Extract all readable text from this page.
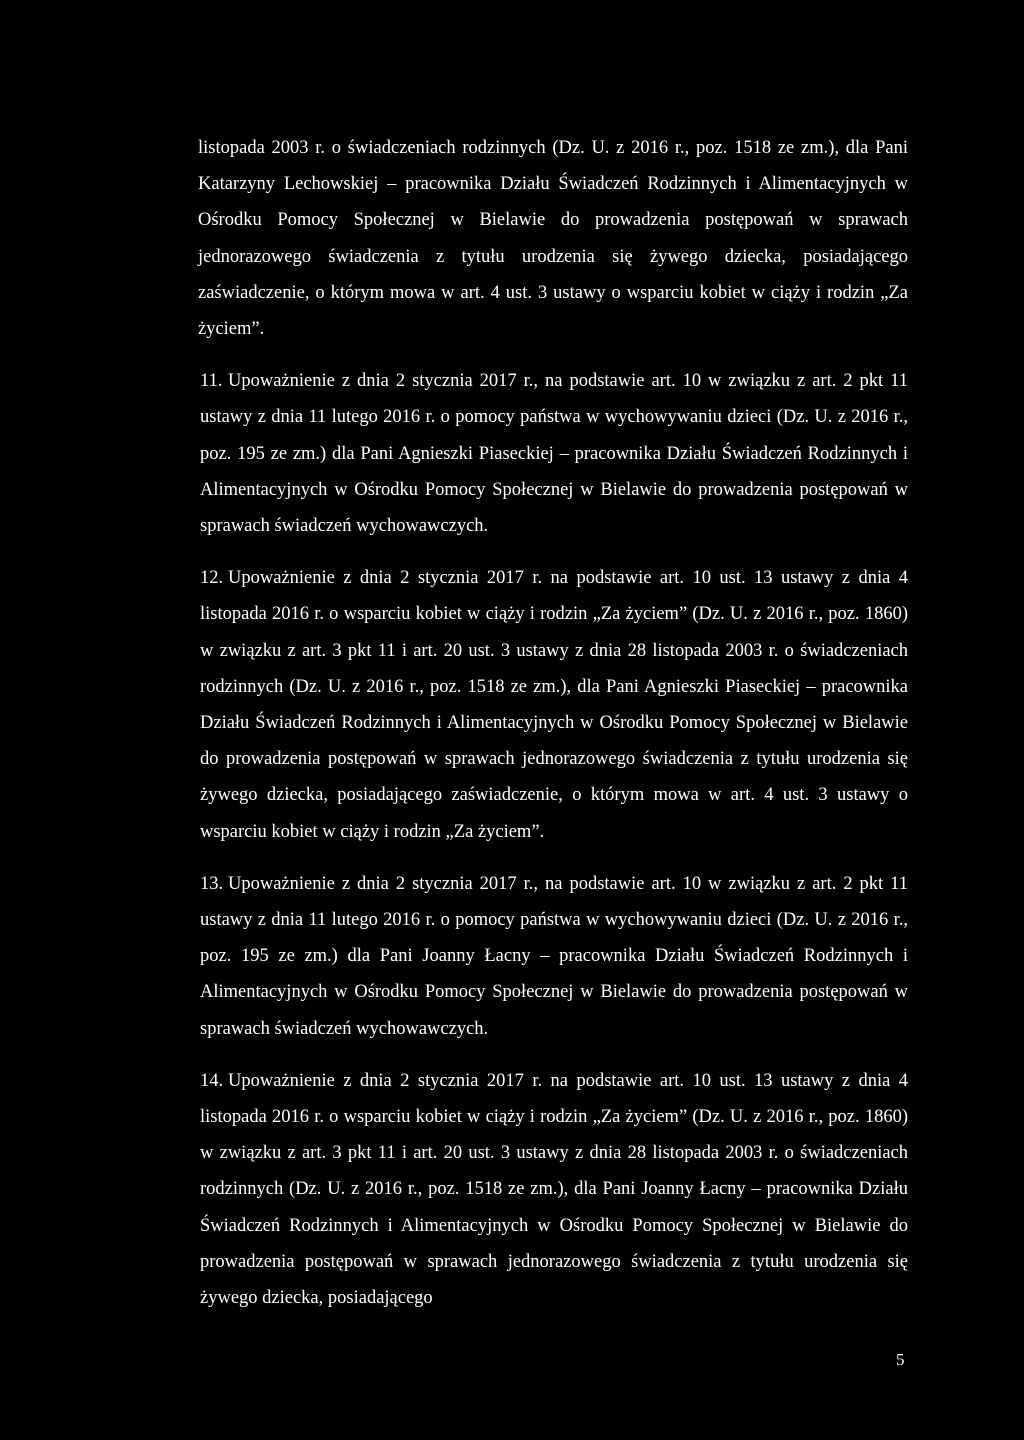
listopada 2003 r. o świadczeniach rodzinnych (Dz. U. z 2016 r., poz. 1518 ze zm.), dla Pani Katarzyny Lechowskiej – pracownika Działu Świadczeń Rodzinnych i Alimentacyjnych w Ośrodku Pomocy Społecznej w Bielawie do prowadzenia postępowań w sprawach jednorazowego świadczenia z tytułu urodzenia się żywego dziecka, posiadającego zaświadczenie, o którym mowa w art. 4 ust. 3 ustawy o wsparciu kobiet w ciąży i rodzin „Za życiem”.

11. Upoważnienie z dnia 2 stycznia 2017 r., na podstawie art. 10 w związku z art. 2 pkt 11 ustawy z dnia 11 lutego 2016 r. o pomocy państwa w wychowywaniu dzieci (Dz. U. z 2016 r., poz. 195 ze zm.) dla Pani Agnieszki Piaseckiej – pracownika Działu Świadczeń Rodzinnych i Alimentacyjnych w Ośrodku Pomocy Społecznej w Bielawie do prowadzenia postępowań w sprawach świadczeń wychowawczych.
12. Upoważnienie z dnia 2 stycznia 2017 r. na podstawie art. 10 ust. 13 ustawy z dnia 4 listopada 2016 r. o wsparciu kobiet w ciąży i rodzin „Za życiem” (Dz. U. z 2016 r., poz. 1860) w związku z art. 3 pkt 11 i art. 20 ust. 3 ustawy z dnia 28 listopada 2003 r. o świadczeniach rodzinnych (Dz. U. z 2016 r., poz. 1518 ze zm.), dla Pani Agnieszki Piaseckiej – pracownika Działu Świadczeń Rodzinnych i Alimentacyjnych w Ośrodku Pomocy Społecznej w Bielawie do prowadzenia postępowań w sprawach jednorazowego świadczenia z tytułu urodzenia się żywego dziecka, posiadającego zaświadczenie, o którym mowa w art. 4 ust. 3 ustawy o wsparciu kobiet w ciąży i rodzin „Za życiem”.
13. Upoważnienie z dnia 2 stycznia 2017 r., na podstawie art. 10 w związku z art. 2 pkt 11 ustawy z dnia 11 lutego 2016 r. o pomocy państwa w wychowywaniu dzieci (Dz. U. z 2016 r., poz. 195 ze zm.) dla Pani Joanny Łacny – pracownika Działu Świadczeń Rodzinnych i Alimentacyjnych w Ośrodku Pomocy Społecznej w Bielawie do prowadzenia postępowań w sprawach świadczeń wychowawczych.
14. Upoważnienie z dnia 2 stycznia 2017 r. na podstawie art. 10 ust. 13 ustawy z dnia 4 listopada 2016 r. o wsparciu kobiet w ciąży i rodzin „Za życiem” (Dz. U. z 2016 r., poz. 1860) w związku z art. 3 pkt 11 i art. 20 ust. 3 ustawy z dnia 28 listopada 2003 r. o świadczeniach rodzinnych (Dz. U. z 2016 r., poz. 1518 ze zm.), dla Pani Joanny Łacny – pracownika Działu Świadczeń Rodzinnych i Alimentacyjnych w Ośrodku Pomocy Społecznej w Bielawie do prowadzenia postępowań w sprawach jednorazowego świadczenia z tytułu urodzenia się żywego dziecka, posiadającego
5
